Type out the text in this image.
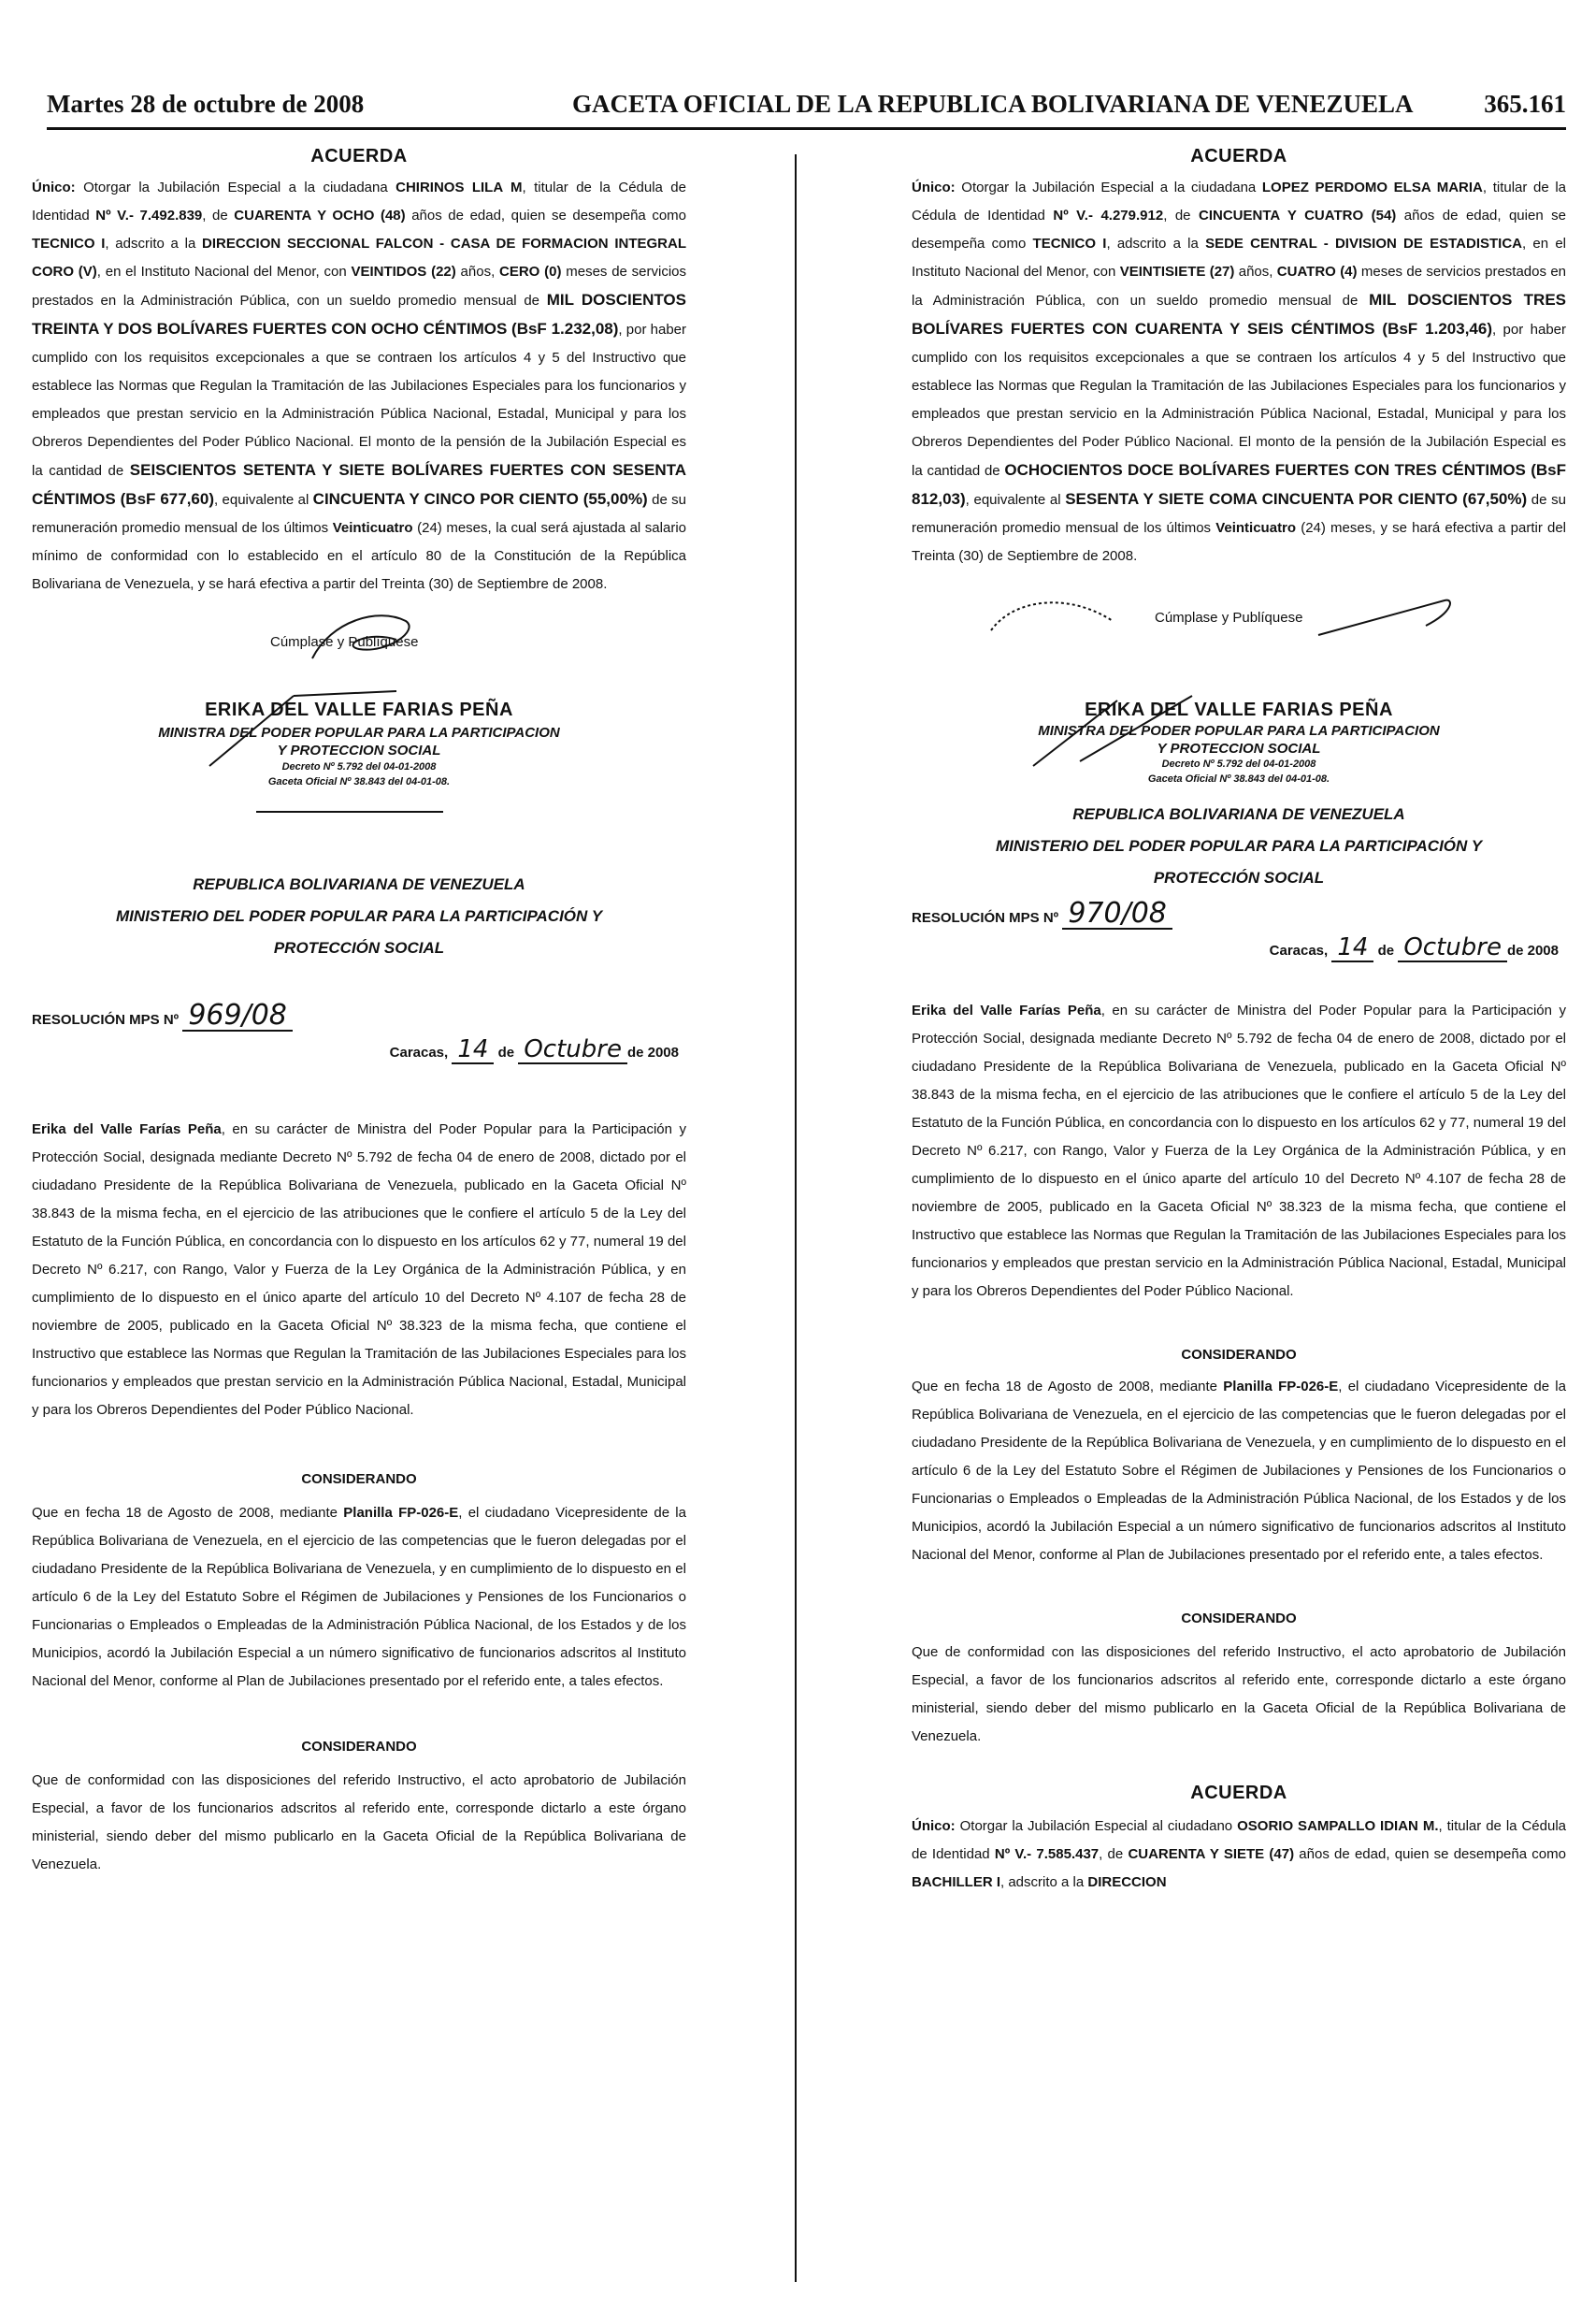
Martes 28 de octubre de 2008	GACETA OFICIAL DE LA REPUBLICA BOLIVARIANA DE VENEZUELA	365.161
ACUERDA

Único: Otorgar la Jubilación Especial a la ciudadana CHIRINOS LILA M, titular de la Cédula de Identidad Nº V.- 7.492.839, de CUARENTA Y OCHO (48) años de edad, quien se desempeña como TECNICO I, adscrito a la DIRECCION SECCIONAL FALCON - CASA DE FORMACION INTEGRAL CORO (V), en el Instituto Nacional del Menor, con VEINTIDOS (22) años, CERO (0) meses de servicios prestados en la Administración Pública, con un sueldo promedio mensual de MIL DOSCIENTOS TREINTA Y DOS BOLÍVARES FUERTES CON OCHO CÉNTIMOS (BsF 1.232,08), por haber cumplido con los requisitos excepcionales a que se contraen los artículos 4 y 5 del Instructivo que establece las Normas que Regulan la Tramitación de las Jubilaciones Especiales para los funcionarios y empleados que prestan servicio en la Administración Pública Nacional, Estadal, Municipal y para los Obreros Dependientes del Poder Público Nacional. El monto de la pensión de la Jubilación Especial es la cantidad de SEISCIENTOS SETENTA Y SIETE BOLÍVARES FUERTES CON SESENTA CÉNTIMOS (BsF 677,60), equivalente al CINCUENTA Y CINCO POR CIENTO (55,00%) de su remuneración promedio mensual de los últimos Veinticuatro (24) meses, la cual será ajustada al salario mínimo de conformidad con lo establecido en el artículo 80 de la Constitución de la República Bolivariana de Venezuela, y se hará efectiva a partir del Treinta (30) de Septiembre de 2008.

Cúmplase y Publíquese
ERIKA DEL VALLE FARIAS PEÑA
MINISTRA DEL PODER POPULAR PARA LA PARTICIPACION
Y PROTECCION SOCIAL
Decreto Nº 5.792 del 04-01-2008
Gaceta Oficial Nº 38.843 del 04-01-08.
REPUBLICA BOLIVARIANA DE VENEZUELA
MINISTERIO DEL PODER POPULAR PARA LA PARTICIPACIÓN Y
PROTECCIÓN SOCIAL
RESOLUCIÓN MPS Nº 969/08
Caracas, 14 de Octubre de 2008

Erika del Valle Farías Peña, en su carácter de Ministra del Poder Popular para la Participación y Protección Social, designada mediante Decreto Nº 5.792 de fecha 04 de enero de 2008, dictado por el ciudadano Presidente de la República Bolivariana de Venezuela, publicado en la Gaceta Oficial Nº 38.843 de la misma fecha, en el ejercicio de las atribuciones que le confiere el artículo 5 de la Ley del Estatuto de la Función Pública, en concordancia con lo dispuesto en los artículos 62 y 77, numeral 19 del Decreto Nº 6.217, con Rango, Valor y Fuerza de la Ley Orgánica de la Administración Pública, y en cumplimiento de lo dispuesto en el único aparte del artículo 10 del Decreto Nº 4.107 de fecha 28 de noviembre de 2005, publicado en la Gaceta Oficial Nº 38.323 de la misma fecha, que contiene el Instructivo que establece las Normas que Regulan la Tramitación de las Jubilaciones Especiales para los funcionarios y empleados que prestan servicio en la Administración Pública Nacional, Estadal, Municipal y para los Obreros Dependientes del Poder Público Nacional.

CONSIDERANDO

Que en fecha 18 de Agosto de 2008, mediante Planilla FP-026-E, el ciudadano Vicepresidente de la República Bolivariana de Venezuela, en el ejercicio de las competencias que le fueron delegadas por el ciudadano Presidente de la República Bolivariana de Venezuela, y en cumplimiento de lo dispuesto en el artículo 6 de la Ley del Estatuto Sobre el Régimen de Jubilaciones y Pensiones de los Funcionarios o Funcionarias o Empleados o Empleadas de la Administración Pública Nacional, de los Estados y de los Municipios, acordó la Jubilación Especial a un número significativo de funcionarios adscritos al Instituto Nacional del Menor, conforme al Plan de Jubilaciones presentado por el referido ente, a tales efectos.

CONSIDERANDO

Que de conformidad con las disposiciones del referido Instructivo, el acto aprobatorio de Jubilación Especial, a favor de los funcionarios adscritos al referido ente, corresponde dictarlo a este órgano ministerial, siendo deber del mismo publicarlo en la Gaceta Oficial de la República Bolivariana de Venezuela.

ACUERDA

Único: Otorgar la Jubilación Especial a la ciudadana LOPEZ PERDOMO ELSA MARIA, titular de la Cédula de Identidad Nº V.- 4.279.912, de CINCUENTA Y CUATRO (54) años de edad, quien se desempeña como TECNICO I, adscrito a la SEDE CENTRAL - DIVISION DE ESTADISTICA, en el Instituto Nacional del Menor, con VEINTISIETE (27) años, CUATRO (4) meses de servicios prestados en la Administración Pública, con un sueldo promedio mensual de MIL DOSCIENTOS TRES BOLÍVARES FUERTES CON CUARENTA Y SEIS CÉNTIMOS (BsF 1.203,46), por haber cumplido con los requisitos excepcionales a que se contraen los artículos 4 y 5 del Instructivo que establece las Normas que Regulan la Tramitación de las Jubilaciones Especiales para los funcionarios y empleados que prestan servicio en la Administración Pública Nacional, Estadal, Municipal y para los Obreros Dependientes del Poder Público Nacional. El monto de la pensión de la Jubilación Especial es la cantidad de OCHOCIENTOS DOCE BOLÍVARES FUERTES CON TRES CÉNTIMOS (BsF 812,03), equivalente al SESENTA Y SIETE COMA CINCUENTA POR CIENTO (67,50%) de su remuneración promedio mensual de los últimos Veinticuatro (24) meses, y se hará efectiva a partir del Treinta (30) de Septiembre de 2008.

Cúmplase y Publíquese
ERIKA DEL VALLE FARIAS PEÑA
MINISTRA DEL PODER POPULAR PARA LA PARTICIPACION
Y PROTECCION SOCIAL
Decreto Nº 5.792 del 04-01-2008
Gaceta Oficial Nº 38.843 del 04-01-08.
REPUBLICA BOLIVARIANA DE VENEZUELA
MINISTERIO DEL PODER POPULAR PARA LA PARTICIPACIÓN Y
PROTECCIÓN SOCIAL
RESOLUCIÓN MPS Nº 970/08
Caracas, 14 de Octubre de 2008

Erika del Valle Farías Peña, en su carácter de Ministra del Poder Popular para la Participación y Protección Social, designada mediante Decreto Nº 5.792 de fecha 04 de enero de 2008, dictado por el ciudadano Presidente de la República Bolivariana de Venezuela, publicado en la Gaceta Oficial Nº 38.843 de la misma fecha, en el ejercicio de las atribuciones que le confiere el artículo 5 de la Ley del Estatuto de la Función Pública, en concordancia con lo dispuesto en los artículos 62 y 77, numeral 19 del Decreto Nº 6.217, con Rango, Valor y Fuerza de la Ley Orgánica de la Administración Pública, y en cumplimiento de lo dispuesto en el único aparte del artículo 10 del Decreto Nº 4.107 de fecha 28 de noviembre de 2005, publicado en la Gaceta Oficial Nº 38.323 de la misma fecha, que contiene el Instructivo que establece las Normas que Regulan la Tramitación de las Jubilaciones Especiales para los funcionarios y empleados que prestan servicio en la Administración Pública Nacional, Estadal, Municipal y para los Obreros Dependientes del Poder Público Nacional.

CONSIDERANDO

Que en fecha 18 de Agosto de 2008, mediante Planilla FP-026-E, el ciudadano Vicepresidente de la República Bolivariana de Venezuela, en el ejercicio de las competencias que le fueron delegadas por el ciudadano Presidente de la República Bolivariana de Venezuela, y en cumplimiento de lo dispuesto en el artículo 6 de la Ley del Estatuto Sobre el Régimen de Jubilaciones y Pensiones de los Funcionarios o Funcionarias o Empleados o Empleadas de la Administración Pública Nacional, de los Estados y de los Municipios, acordó la Jubilación Especial a un número significativo de funcionarios adscritos al Instituto Nacional del Menor, conforme al Plan de Jubilaciones presentado por el referido ente, a tales efectos.

CONSIDERANDO

Que de conformidad con las disposiciones del referido Instructivo, el acto aprobatorio de Jubilación Especial, a favor de los funcionarios adscritos al referido ente, corresponde dictarlo a este órgano ministerial, siendo deber del mismo publicarlo en la Gaceta Oficial de la República Bolivariana de Venezuela.

ACUERDA

Único: Otorgar la Jubilación Especial al ciudadano OSORIO SAMPALLO IDIAN M., titular de la Cédula de Identidad Nº V.- 7.585.437, de CUARENTA Y SIETE (47) años de edad, quien se desempeña como BACHILLER I, adscrito a la DIRECCION
